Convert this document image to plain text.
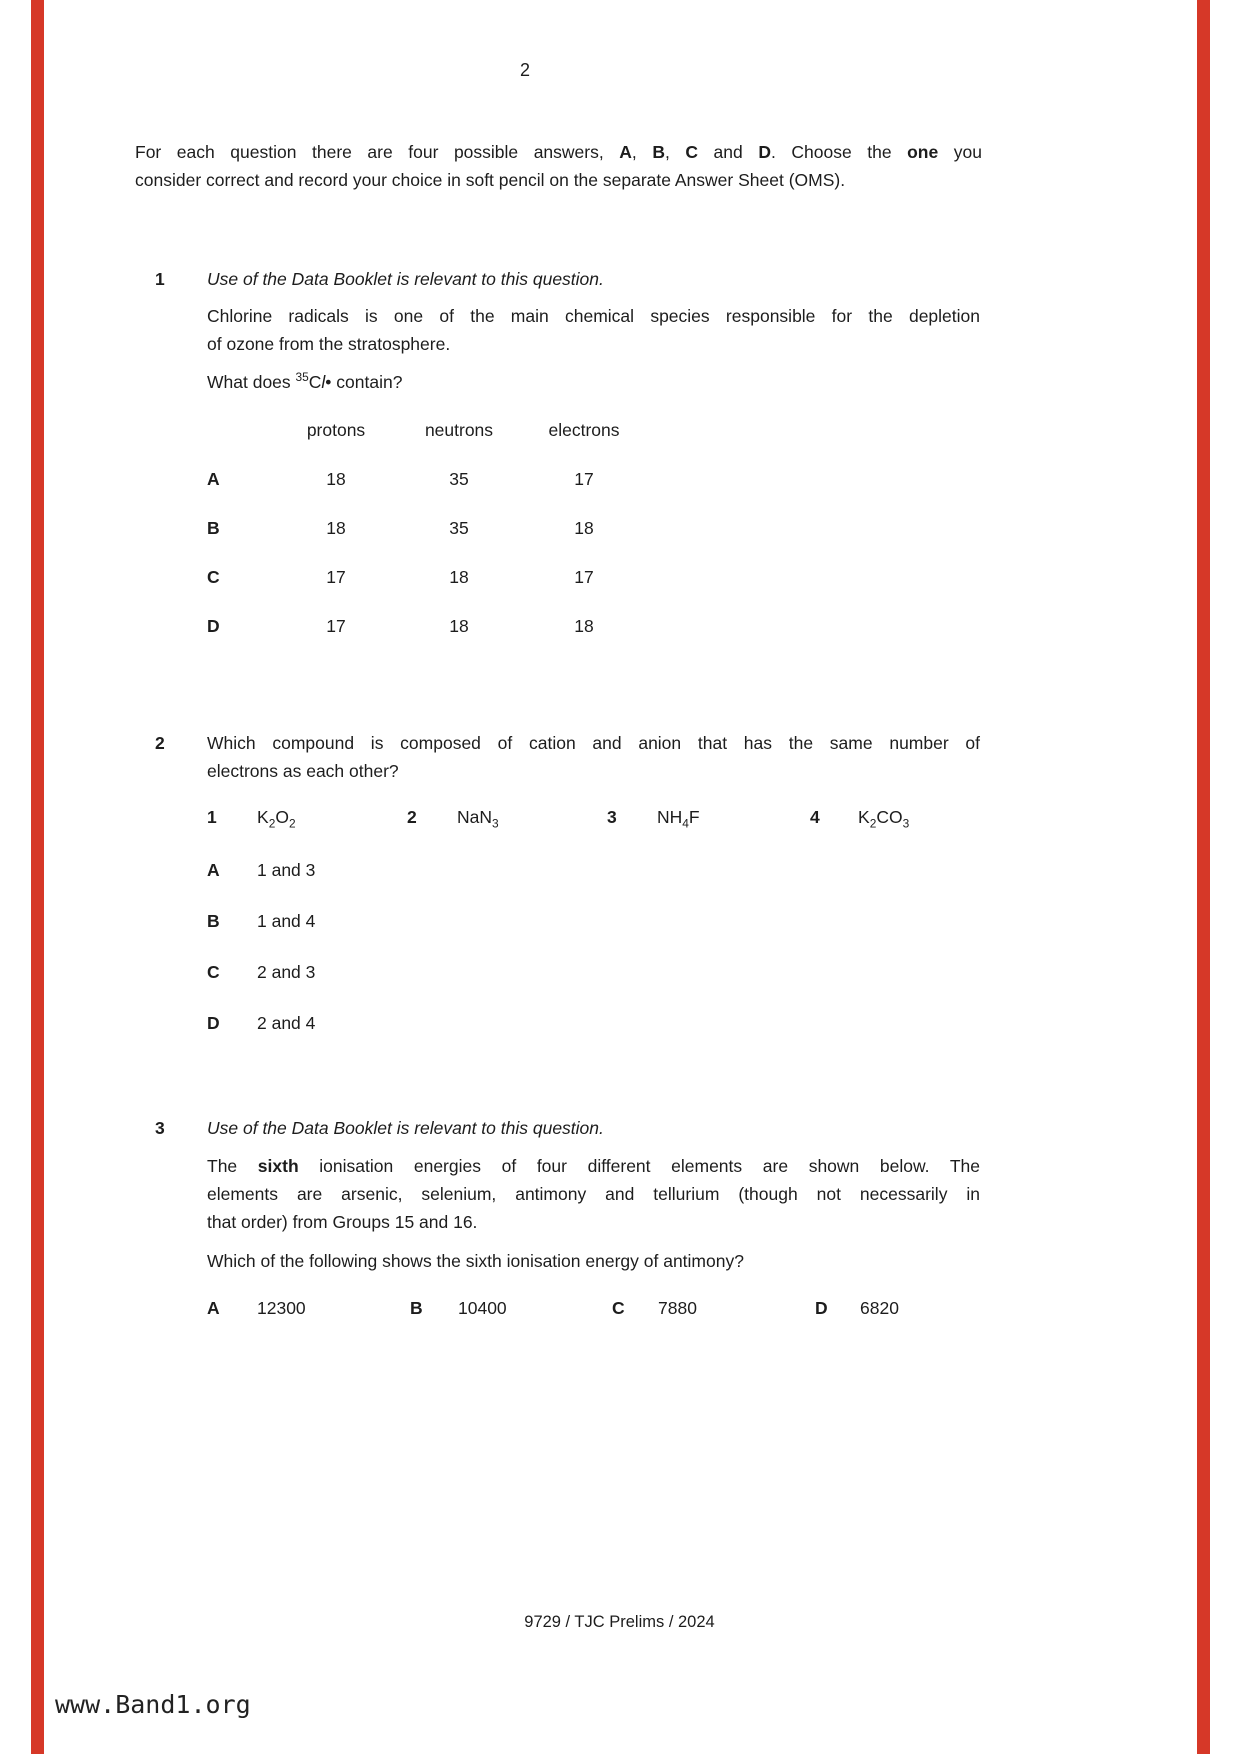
2
For each question there are four possible answers, A, B, C and D. Choose the one you
consider correct and record your choice in soft pencil on the separate Answer Sheet (OMS).
1 Use of the Data Booklet is relevant to this question.
Chlorine radicals is one of the main chemical species responsible for the depletion
of ozone from the stratosphere.
What does $^{35}$Cl• contain?
protons	neutrons	electrons
A	18	35	17
B	18	35	18
C	17	18	17
D	17	18	18
2 Which compound is composed of cation and anion that has the same number of
electrons as each other?
1 $K_2O_2$	2 NaN$_3$	3 $NH_4F$	4 $K_2CO_3$
A 1 and 3
B 1 and 4
C 2 and 3
D 2 and 4
3 Use of the Data Booklet is relevant to this question.
The sixth ionisation energies of four different elements are shown below. The
elements are arsenic, selenium, antimony and tellurium (though not necessarily in
that order) from Groups 15 and 16.
Which of the following shows the sixth ionisation energy of antimony?
A 12300	B 10400	C 7880	D 6820
9729 / TJC Prelims / 2024
www.Band1.org
